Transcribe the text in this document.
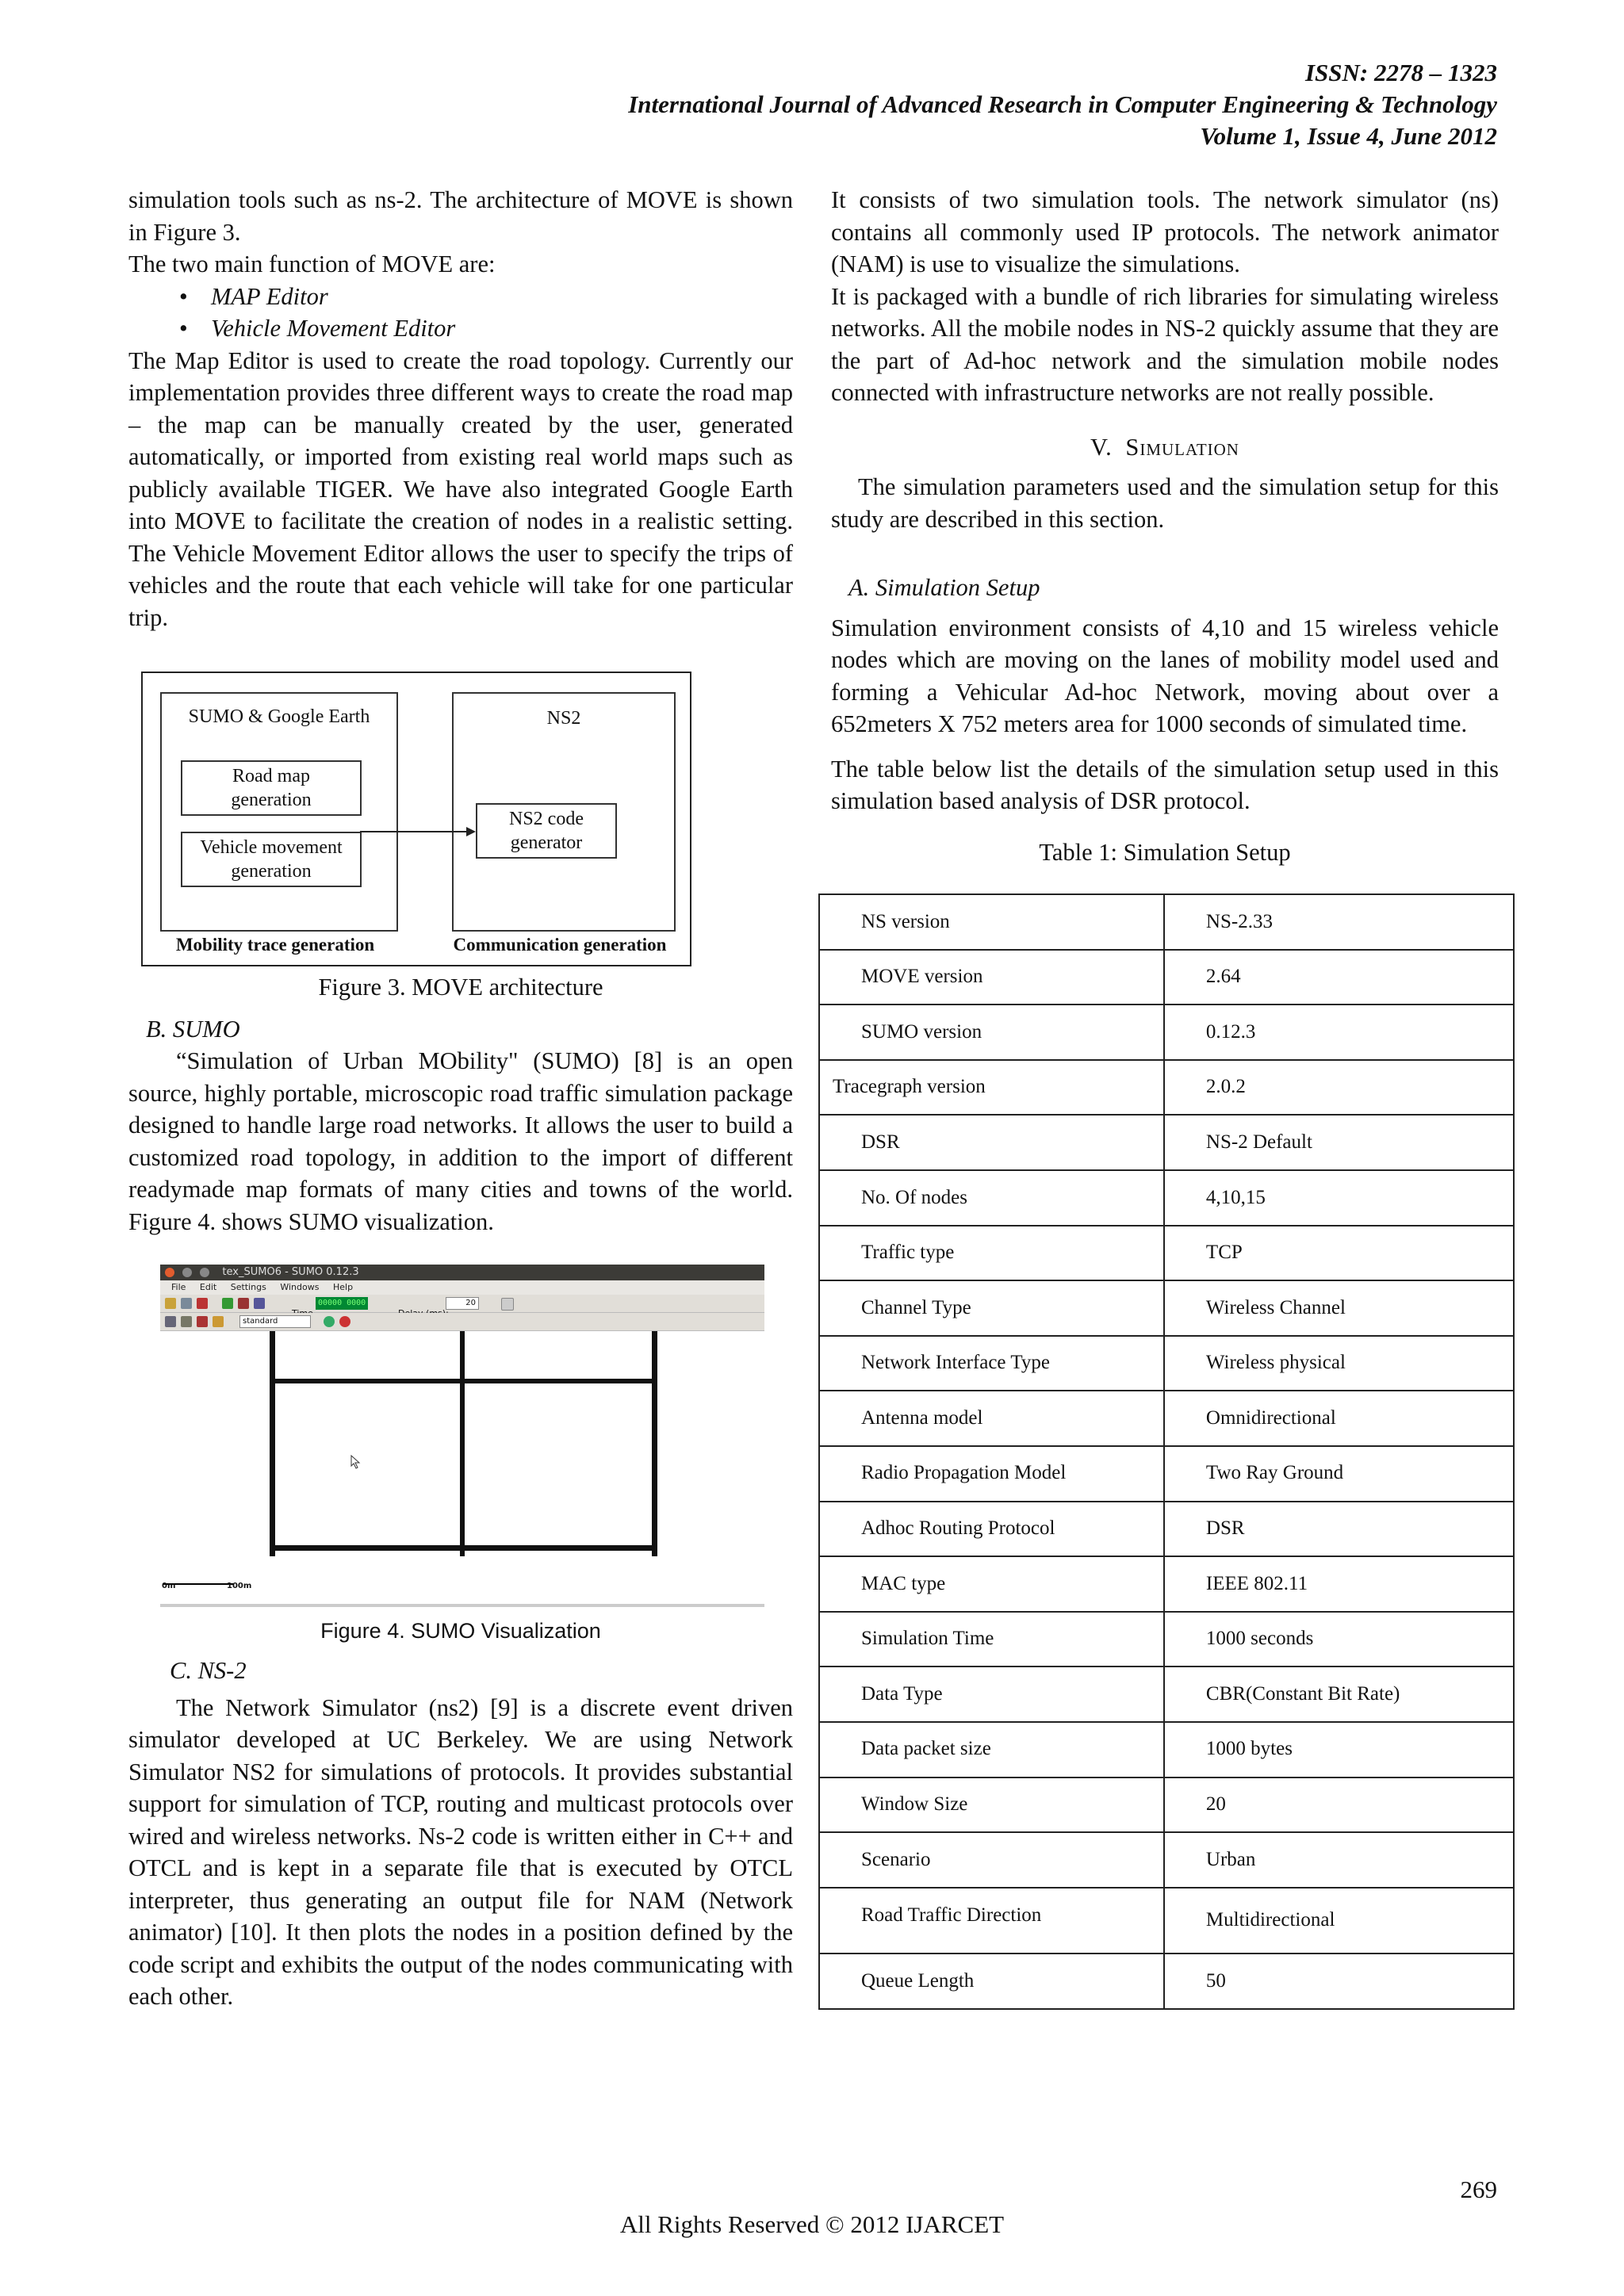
ISSN: 2278 – 1323
International Journal of Advanced Research in Computer Engineering & Technology
Volume 1, Issue 4, June 2012

simulation tools such as ns-2. The architecture of MOVE is shown in Figure 3.

The two main function of MOVE are:

• MAP Editor
• Vehicle Movement Editor

The Map Editor is used to create the road topology. Currently our implementation provides three different ways to create the road map – the map can be manually created by the user, generated automatically, or imported from existing real world maps such as publicly available TIGER. We have also integrated Google Earth into MOVE to facilitate the creation of nodes in a realistic setting. The Vehicle Movement Editor allows the user to specify the trips of vehicles and the route that each vehicle will take for one particular trip.

SUMO & Google Earth	NS2
Road map generation
Vehicle movement generation
NS2 code generator
Mobility trace generation	Communication generation

Figure 3. MOVE architecture

B. SUMO

“Simulation of Urban MObility" (SUMO) [8] is an open source, highly portable, microscopic road traffic simulation package designed to handle large road networks. It allows the user to build a customized road topology, in addition to the import of different readymade map formats of many cities and towns of the world. Figure 4. shows SUMO visualization.

tex_SUMO6 - SUMO 0.12.3
File Edit Settings Windows Help
00000 0000	20
standard
0m	100m

Figure 4. SUMO Visualization

C. NS-2

The Network Simulator (ns2) [9] is a discrete event driven simulator developed at UC Berkeley. We are using Network Simulator NS2 for simulations of protocols. It provides substantial support for simulation of TCP, routing and multicast protocols over wired and wireless networks. Ns-2 code is written either in C++ and OTCL and is kept in a separate file that is executed by OTCL interpreter, thus generating an output file for NAM (Network animator) [10]. It then plots the nodes in a position defined by the code script and exhibits the output of the nodes communicating with each other.

It consists of two simulation tools. The network simulator (ns) contains all commonly used IP protocols. The network animator (NAM) is use to visualize the simulations.

It is packaged with a bundle of rich libraries for simulating wireless networks. All the mobile nodes in NS-2 quickly assume that they are the part of Ad-hoc network and the simulation mobile nodes connected with infrastructure networks are not really possible.

V. Simulation

The simulation parameters used and the simulation setup for this study are described in this section.

A. Simulation Setup

Simulation environment consists of 4,10 and 15 wireless vehicle nodes which are moving on the lanes of mobility model used and forming a Vehicular Ad-hoc Network, moving about over a 652meters X 752 meters area for 1000 seconds of simulated time.

The table below list the details of the simulation setup used in this simulation based analysis of DSR protocol.

Table 1: Simulation Setup

NS version	NS-2.33
MOVE version	2.64
SUMO version	0.12.3
Tracegraph version	2.0.2
DSR	NS-2 Default
No. Of nodes	4,10,15
Traffic type	TCP
Channel Type	Wireless Channel
Network Interface Type	Wireless physical
Antenna model	Omnidirectional
Radio Propagation Model	Two Ray Ground
Adhoc Routing Protocol	DSR
MAC type	IEEE 802.11
Simulation Time	1000 seconds
Data Type	CBR(Constant Bit Rate)
Data packet size	1000 bytes
Window Size	20
Scenario	Urban
Road Traffic Direction	Multidirectional
Queue Length	50
269
All Rights Reserved © 2012 IJARCET
